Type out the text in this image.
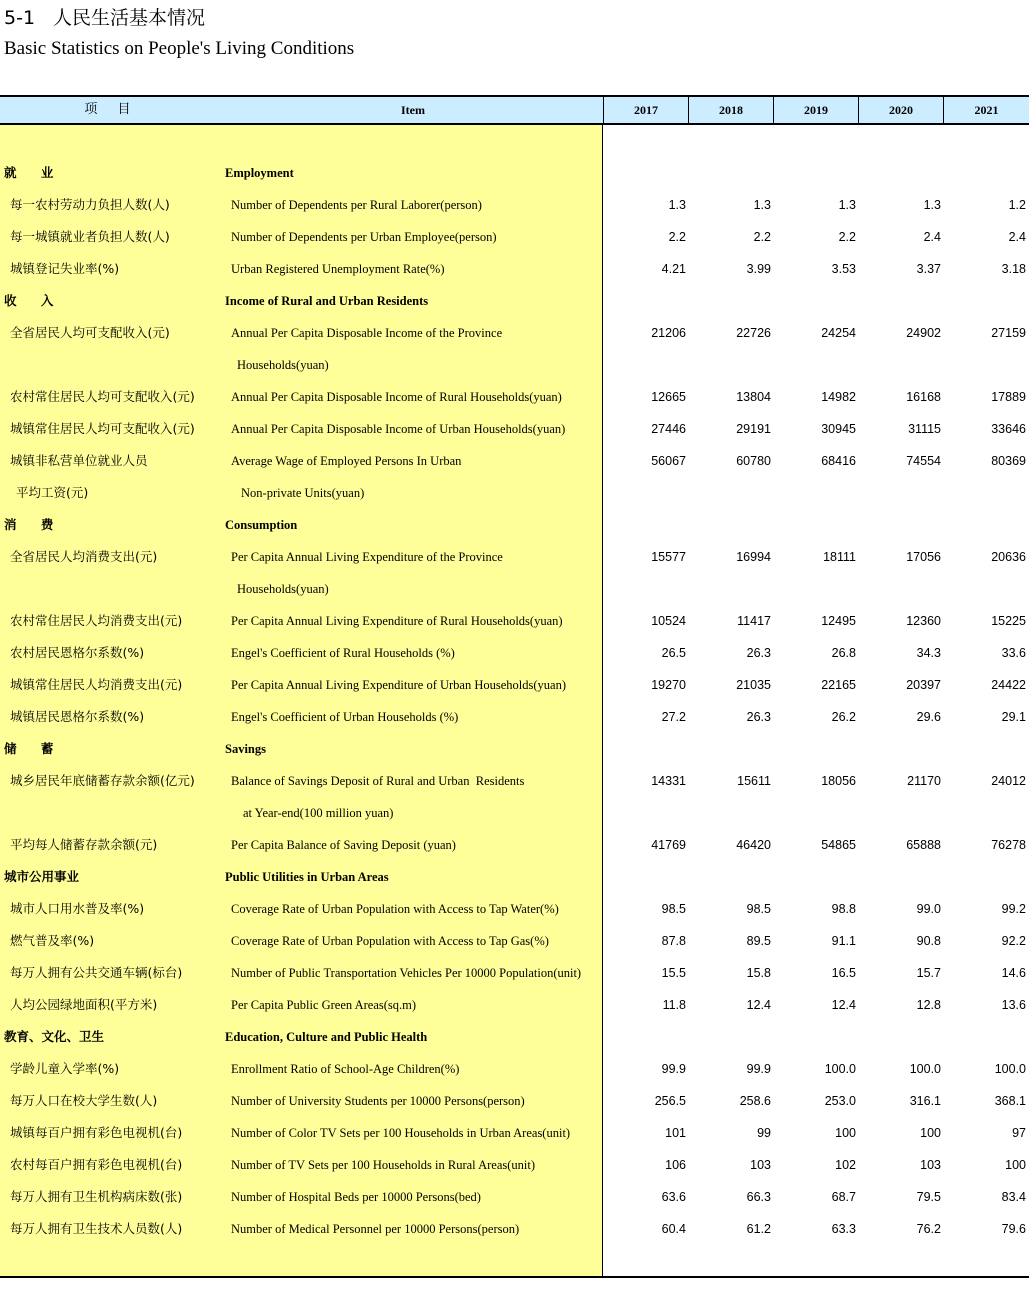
5-1 人民生活基本情况
Basic Statistics on People's Living Conditions
项 目	Item	2017	2018	2019	2020	2021
就 业	Employment
每一农村劳动力负担人数(人)	Number of Dependents per Rural Laborer(person)	1.3	1.3	1.3	1.3	1.2
每一城镇就业者负担人数(人)	Number of Dependents per Urban Employee(person)	2.2	2.2	2.2	2.4	2.4
城镇登记失业率(%)	Urban Registered Unemployment Rate(%)	4.21	3.99	3.53	3.37	3.18
收 入	Income of Rural and Urban Residents
全省居民人均可支配收入(元)	Annual Per Capita Disposable Income of the Province	21206	22726	24254	24902	27159
Households(yuan)
农村常住居民人均可支配收入(元)	Annual Per Capita Disposable Income of Rural Households(yuan)	12665	13804	14982	16168	17889
城镇常住居民人均可支配收入(元)	Annual Per Capita Disposable Income of Urban Households(yuan)	27446	29191	30945	31115	33646
城镇非私营单位就业人员	Average Wage of Employed Persons In Urban	56067	60780	68416	74554	80369
平均工资(元)	Non-private Units(yuan)
消 费	Consumption
全省居民人均消费支出(元)	Per Capita Annual Living Expenditure of the Province	15577	16994	18111	17056	20636
Households(yuan)
农村常住居民人均消费支出(元)	Per Capita Annual Living Expenditure of Rural Households(yuan)	10524	11417	12495	12360	15225
农村居民恩格尔系数(%)	Engel's Coefficient of Rural Households (%)	26.5	26.3	26.8	34.3	33.6
城镇常住居民人均消费支出(元)	Per Capita Annual Living Expenditure of Urban Households(yuan)	19270	21035	22165	20397	24422
城镇居民恩格尔系数(%)	Engel's Coefficient of Urban Households (%)	27.2	26.3	26.2	29.6	29.1
储 蓄	Savings
城乡居民年底储蓄存款余额(亿元)	Balance of Savings Deposit of Rural and Urban  Residents	14331	15611	18056	21170	24012
at Year-end(100 million yuan)
平均每人储蓄存款余额(元)	Per Capita Balance of Saving Deposit (yuan)	41769	46420	54865	65888	76278
城市公用事业	Public Utilities in Urban Areas
城市人口用水普及率(%)	Coverage Rate of Urban Population with Access to Tap Water(%)	98.5	98.5	98.8	99.0	99.2
燃气普及率(%)	Coverage Rate of Urban Population with Access to Tap Gas(%)	87.8	89.5	91.1	90.8	92.2
每万人拥有公共交通车辆(标台)	Number of Public Transportation Vehicles Per 10000 Population(unit)	15.5	15.8	16.5	15.7	14.6
人均公园绿地面积(平方米)	Per Capita Public Green Areas(sq.m)	11.8	12.4	12.4	12.8	13.6
教育、文化、卫生	Education, Culture and Public Health
学龄儿童入学率(%)	Enrollment Ratio of School-Age Children(%)	99.9	99.9	100.0	100.0	100.0
每万人口在校大学生数(人)	Number of University Students per 10000 Persons(person)	256.5	258.6	253.0	316.1	368.1
城镇每百户拥有彩色电视机(台)	Number of Color TV Sets per 100 Households in Urban Areas(unit)	101	99	100	100	97
农村每百户拥有彩色电视机(台)	Number of TV Sets per 100 Households in Rural Areas(unit)	106	103	102	103	100
每万人拥有卫生机构病床数(张)	Number of Hospital Beds per 10000 Persons(bed)	63.6	66.3	68.7	79.5	83.4
每万人拥有卫生技术人员数(人)	Number of Medical Personnel per 10000 Persons(person)	60.4	61.2	63.3	76.2	79.6
